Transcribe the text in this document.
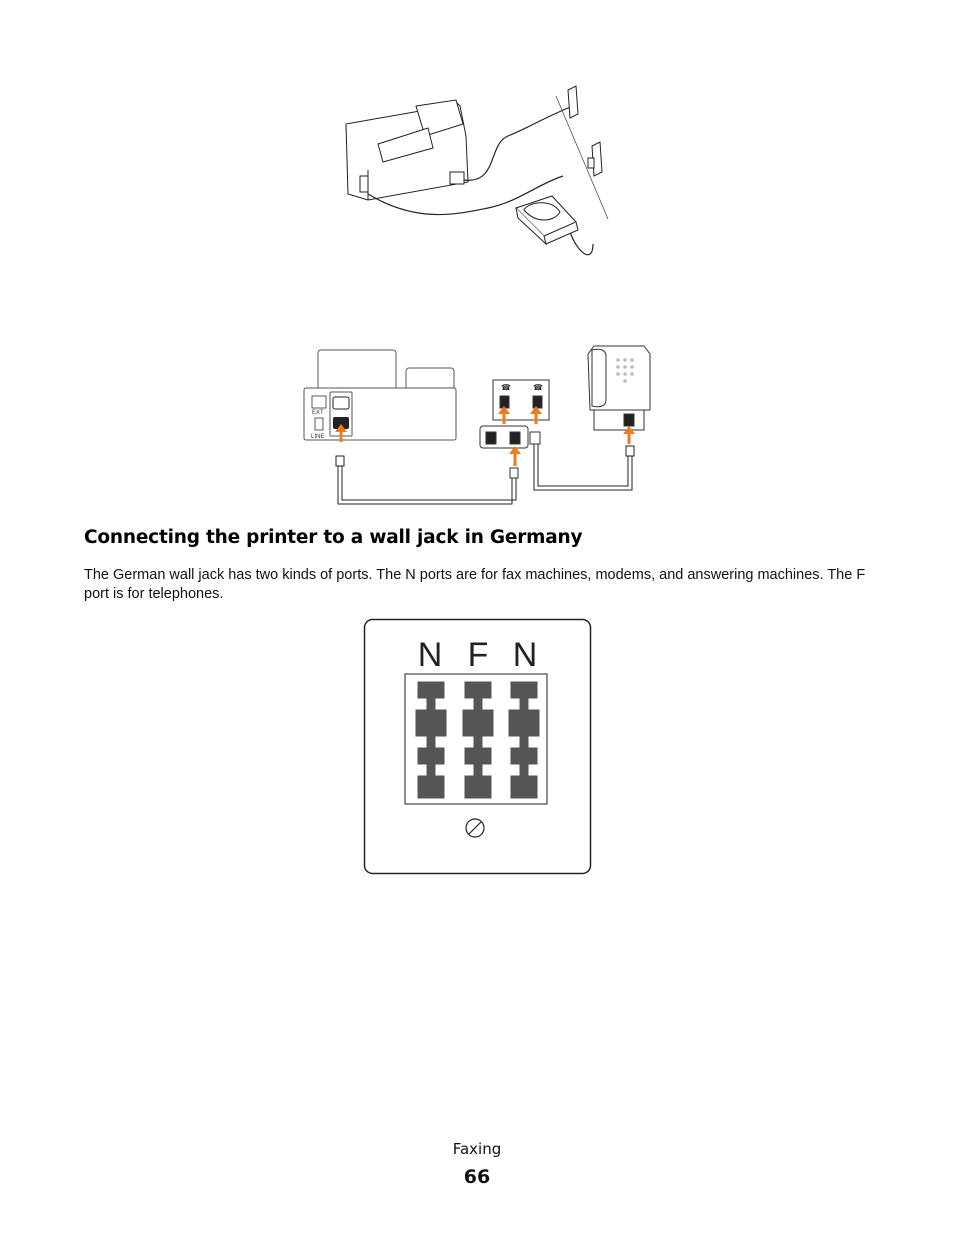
EXT
LINE
☎	☎
Connecting the printer to a wall jack in Germany

The German wall jack has two kinds of ports. The N ports are for fax machines, modems, and answering machines. The F port is for telephones.

N F N
Faxing
66
